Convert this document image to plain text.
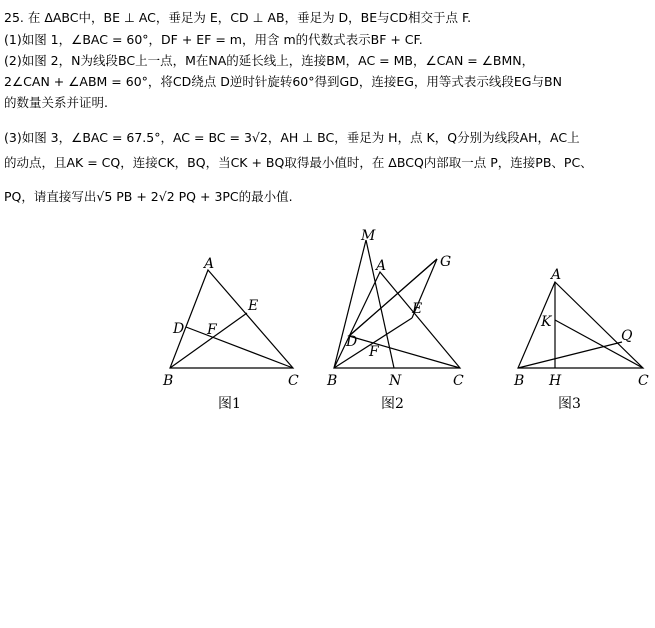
25. 在 ΔABC中，BE ⊥ AC，垂足为 E，CD ⊥ AB，垂足为 D，BE与CD相交于点 F.
(1)如图 1，∠BAC = 60°，DF + EF = m，用含 m的代数式表示BF + CF.
(2)如图 2，N为线段BC上一点，M在NA的延长线上，连接BM，AC = MB，∠CAN = ∠BMN，
2∠CAN + ∠ABM = 60°，将CD绕点 D逆时针旋转60°得到GD，连接EG，用等式表示线段EG与BN
的数量关系并证明.
(3)如图 3，∠BAC = 67.5°，AC = BC = 3√2，AH ⊥ BC，垂足为 H，点 K，Q分别为线段AH，AC上
的动点，且AK = CQ，连接CK，BQ，当CK + BQ取得最小值时，在 ΔBCQ内部取一点 P，连接PB、PC、
PQ，请直接写出√5 PB + 2√2 PQ + 3PC的最小值.
A
B	C
D
E
F
图1
M
A	G
E
D
F
B	N	C
图2
A
K
Q
B H	C
图3
